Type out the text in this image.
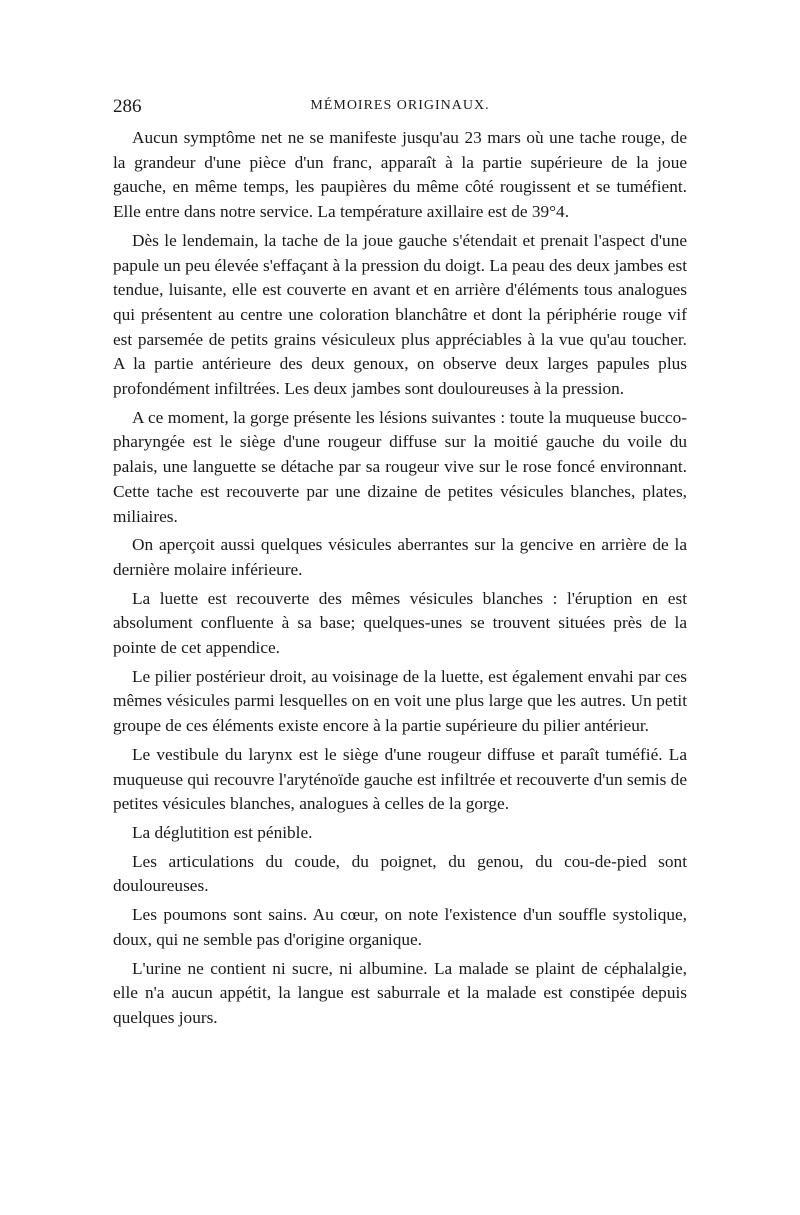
286	MÉMOIRES ORIGINAUX.

Aucun symptôme net ne se manifeste jusqu'au 23 mars où une tache rouge, de la grandeur d'une pièce d'un franc, apparaît à la partie supérieure de la joue gauche, en même temps, les paupières du même côté rougissent et se tuméfient. Elle entre dans notre service. La température axillaire est de 39°4.

Dès le lendemain, la tache de la joue gauche s'étendait et prenait l'aspect d'une papule un peu élevée s'effaçant à la pression du doigt. La peau des deux jambes est tendue, luisante, elle est couverte en avant et en arrière d'éléments tous analogues qui présentent au centre une coloration blanchâtre et dont la périphérie rouge vif est parsemée de petits grains vésiculeux plus appréciables à la vue qu'au toucher. A la partie antérieure des deux genoux, on observe deux larges papules plus profondément infiltrées. Les deux jambes sont douloureuses à la pression.

A ce moment, la gorge présente les lésions suivantes : toute la muqueuse bucco-pharyngée est le siège d'une rougeur diffuse sur la moitié gauche du voile du palais, une languette se détache par sa rougeur vive sur le rose foncé environnant. Cette tache est recouverte par une dizaine de petites vésicules blanches, plates, miliaires.

On aperçoit aussi quelques vésicules aberrantes sur la gencive en arrière de la dernière molaire inférieure.

La luette est recouverte des mêmes vésicules blanches : l'éruption en est absolument confluente à sa base; quelques-unes se trouvent situées près de la pointe de cet appendice.

Le pilier postérieur droit, au voisinage de la luette, est également envahi par ces mêmes vésicules parmi lesquelles on en voit une plus large que les autres. Un petit groupe de ces éléments existe encore à la partie supérieure du pilier antérieur.

Le vestibule du larynx est le siège d'une rougeur diffuse et paraît tuméfié. La muqueuse qui recouvre l'aryténoïde gauche est infiltrée et recouverte d'un semis de petites vésicules blanches, analogues à celles de la gorge.

La déglutition est pénible.

Les articulations du coude, du poignet, du genou, du cou-de-pied sont douloureuses.

Les poumons sont sains. Au cœur, on note l'existence d'un souffle systolique, doux, qui ne semble pas d'origine organique.

L'urine ne contient ni sucre, ni albumine. La malade se plaint de céphalalgie, elle n'a aucun appétit, la langue est saburrale et la malade est constipée depuis quelques jours.
